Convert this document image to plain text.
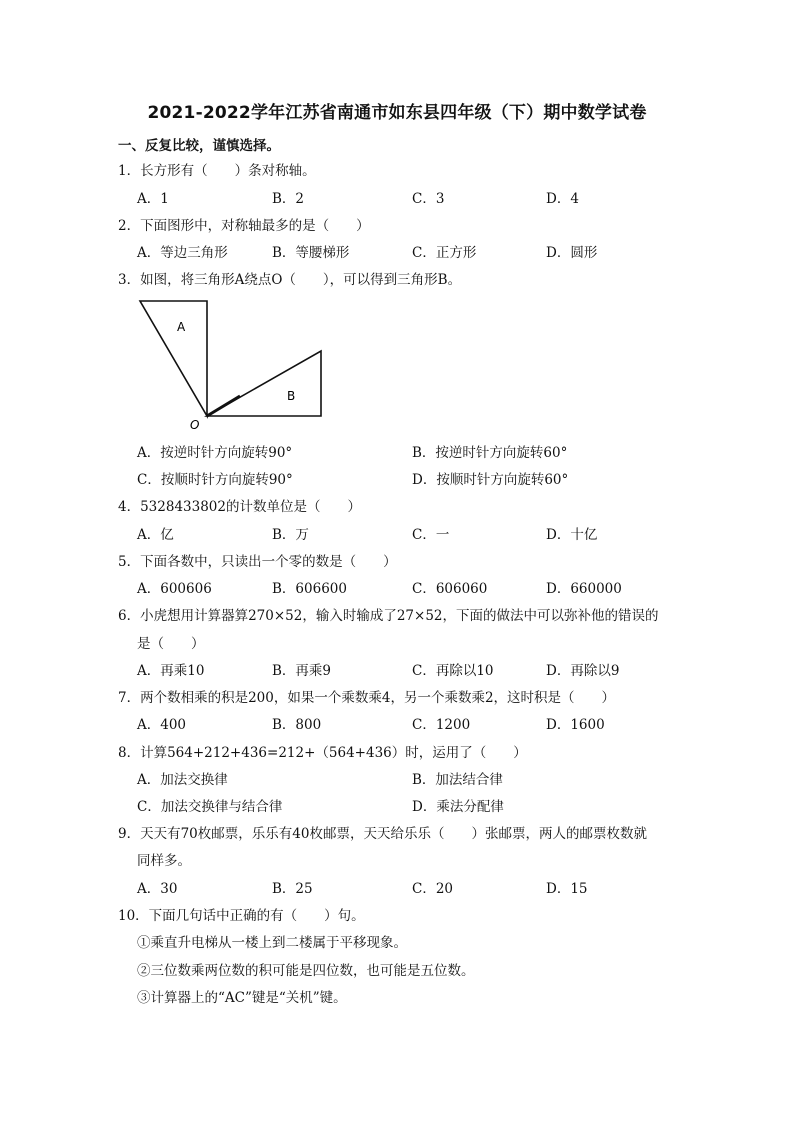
2021-2022学年江苏省南通市如东县四年级（下）期中数学试卷
一、反复比较，谨慎选择。
1．长方形有（　　）条对称轴。
A．1	B．2	C．3	D．4
2．下面图形中，对称轴最多的是（　　）
A．等边三角形	B．等腰梯形	C．正方形	D．圆形
3．如图，将三角形A绕点O（　　），可以得到三角形B。
A
B
O
A．按逆时针方向旋转90°	B．按逆时针方向旋转60°
C．按顺时针方向旋转90°	D．按顺时针方向旋转60°
4．5328433802的计数单位是（　　）
A．亿	B．万	C．一	D．十亿
5．下面各数中，只读出一个零的数是（　　）
A．600606	B．606600	C．606060	D．660000
6．小虎想用计算器算270×52，输入时输成了27×52，下面的做法中可以弥补他的错误的
是（　　）
A．再乘10	B．再乘9	C．再除以10	D．再除以9
7．两个数相乘的积是200，如果一个乘数乘4，另一个乘数乘2，这时积是（　　）
A．400	B．800	C．1200	D．1600
8．计算564+212+436=212+（564+436）时，运用了（　　）
A．加法交换律	B．加法结合律
C．加法交换律与结合律	D．乘法分配律
9．天天有70枚邮票，乐乐有40枚邮票，天天给乐乐（　　）张邮票，两人的邮票枚数就
同样多。
A．30	B．25	C．20	D．15
10．下面几句话中正确的有（　　）句。
①乘直升电梯从一楼上到二楼属于平移现象。
②三位数乘两位数的积可能是四位数，也可能是五位数。
③计算器上的“AC”键是“关机”键。
